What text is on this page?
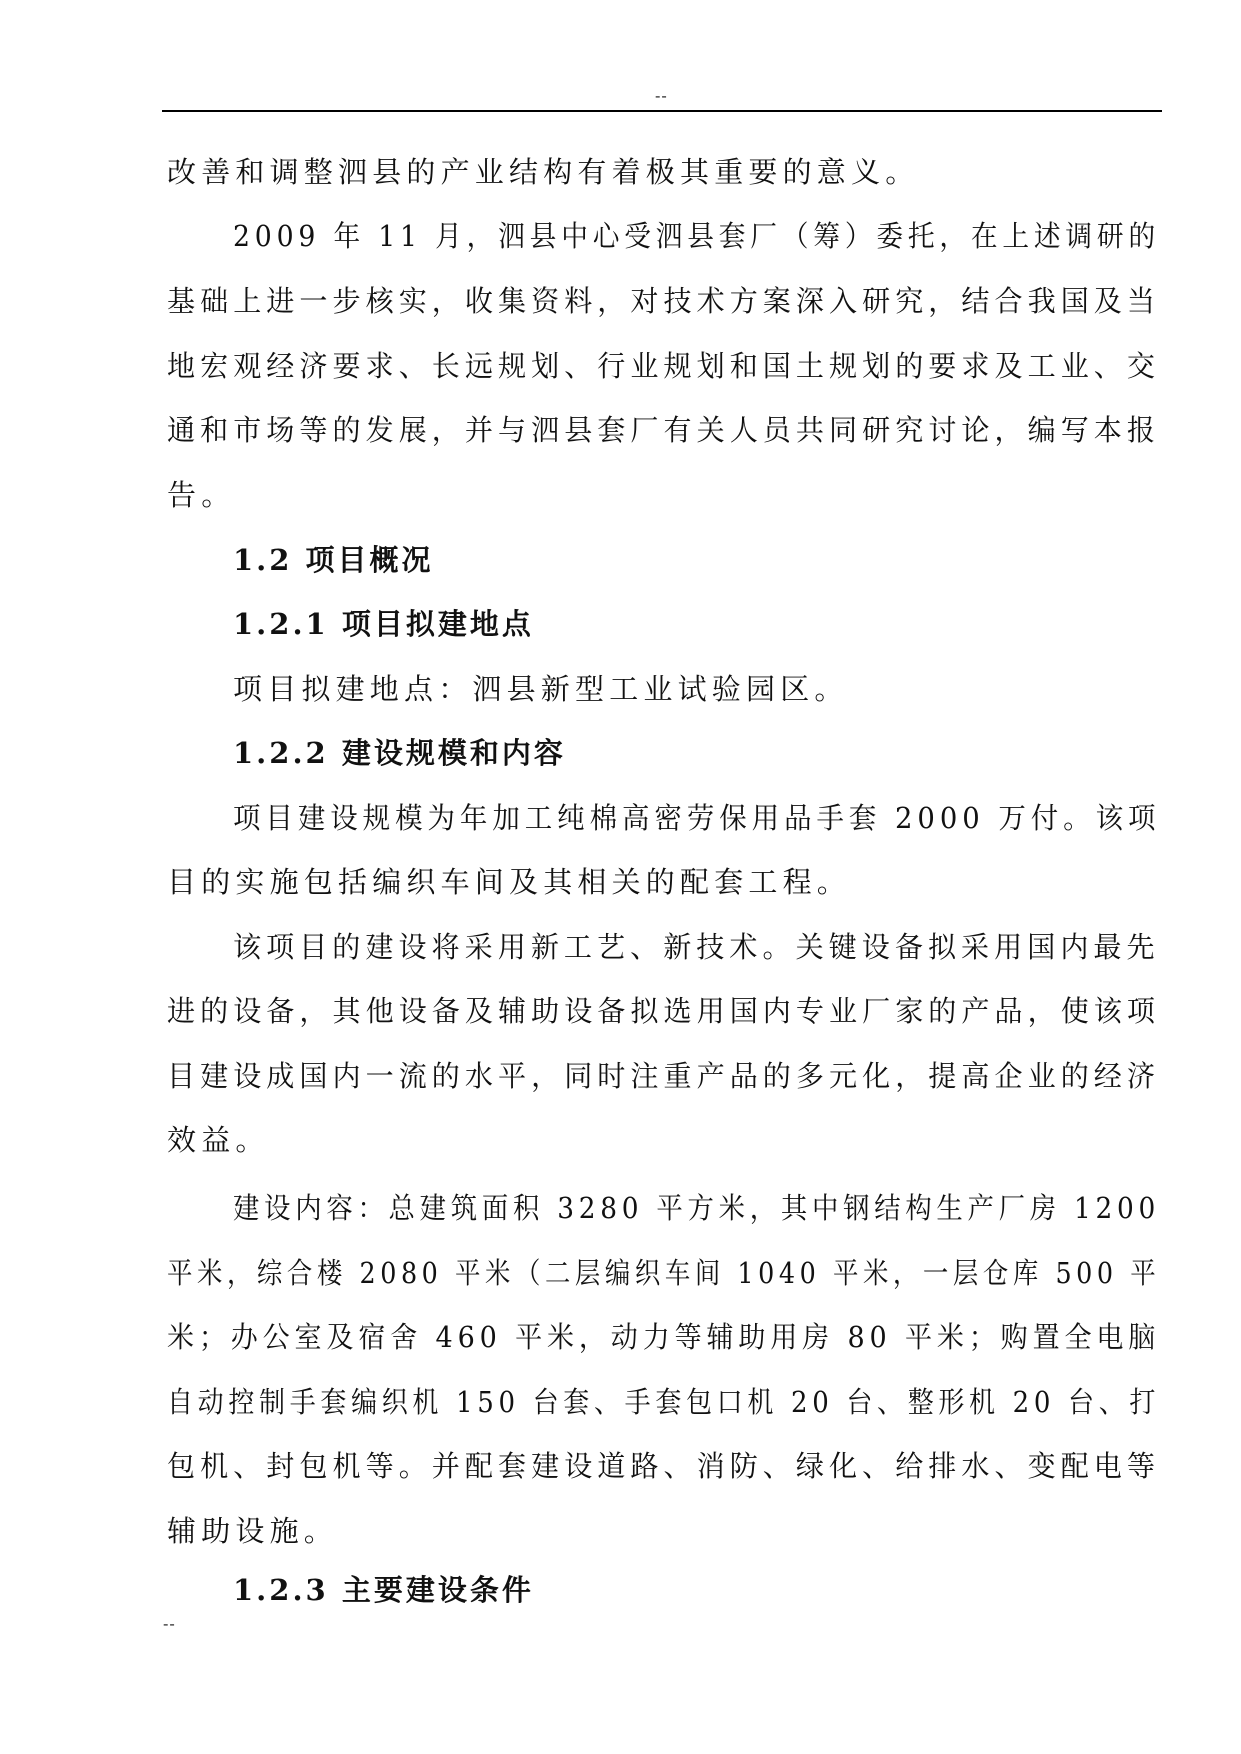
--

改善和调整泗县的产业结构有着极其重要的意义。

2009 年 11 月，泗县中心受泗县套厂（筹）委托，在上述调研的

基础上进一步核实，收集资料，对技术方案深入研究，结合我国及当

地宏观经济要求、长远规划、行业规划和国土规划的要求及工业、交

通和市场等的发展，并与泗县套厂有关人员共同研究讨论，编写本报

告。

1.2 项目概况
1.2.1 项目拟建地点

项目拟建地点：泗县新型工业试验园区。

1.2.2 建设规模和内容

项目建设规模为年加工纯棉高密劳保用品手套 2000 万付。该项

目的实施包括编织车间及其相关的配套工程。

该项目的建设将采用新工艺、新技术。关键设备拟采用国内最先

进的设备，其他设备及辅助设备拟选用国内专业厂家的产品，使该项

目建设成国内一流的水平，同时注重产品的多元化，提高企业的经济

效益。

建设内容：总建筑面积 3280 平方米，其中钢结构生产厂房 1200

平米，综合楼 2080 平米（二层编织车间 1040 平米，一层仓库 500 平

米；办公室及宿舍 460 平米，动力等辅助用房 80 平米；购置全电脑

自动控制手套编织机 150 台套、手套包口机 20 台、整形机 20 台、打

包机、封包机等。并配套建设道路、消防、绿化、给排水、变配电等

辅助设施。

1.2.3 主要建设条件
--
